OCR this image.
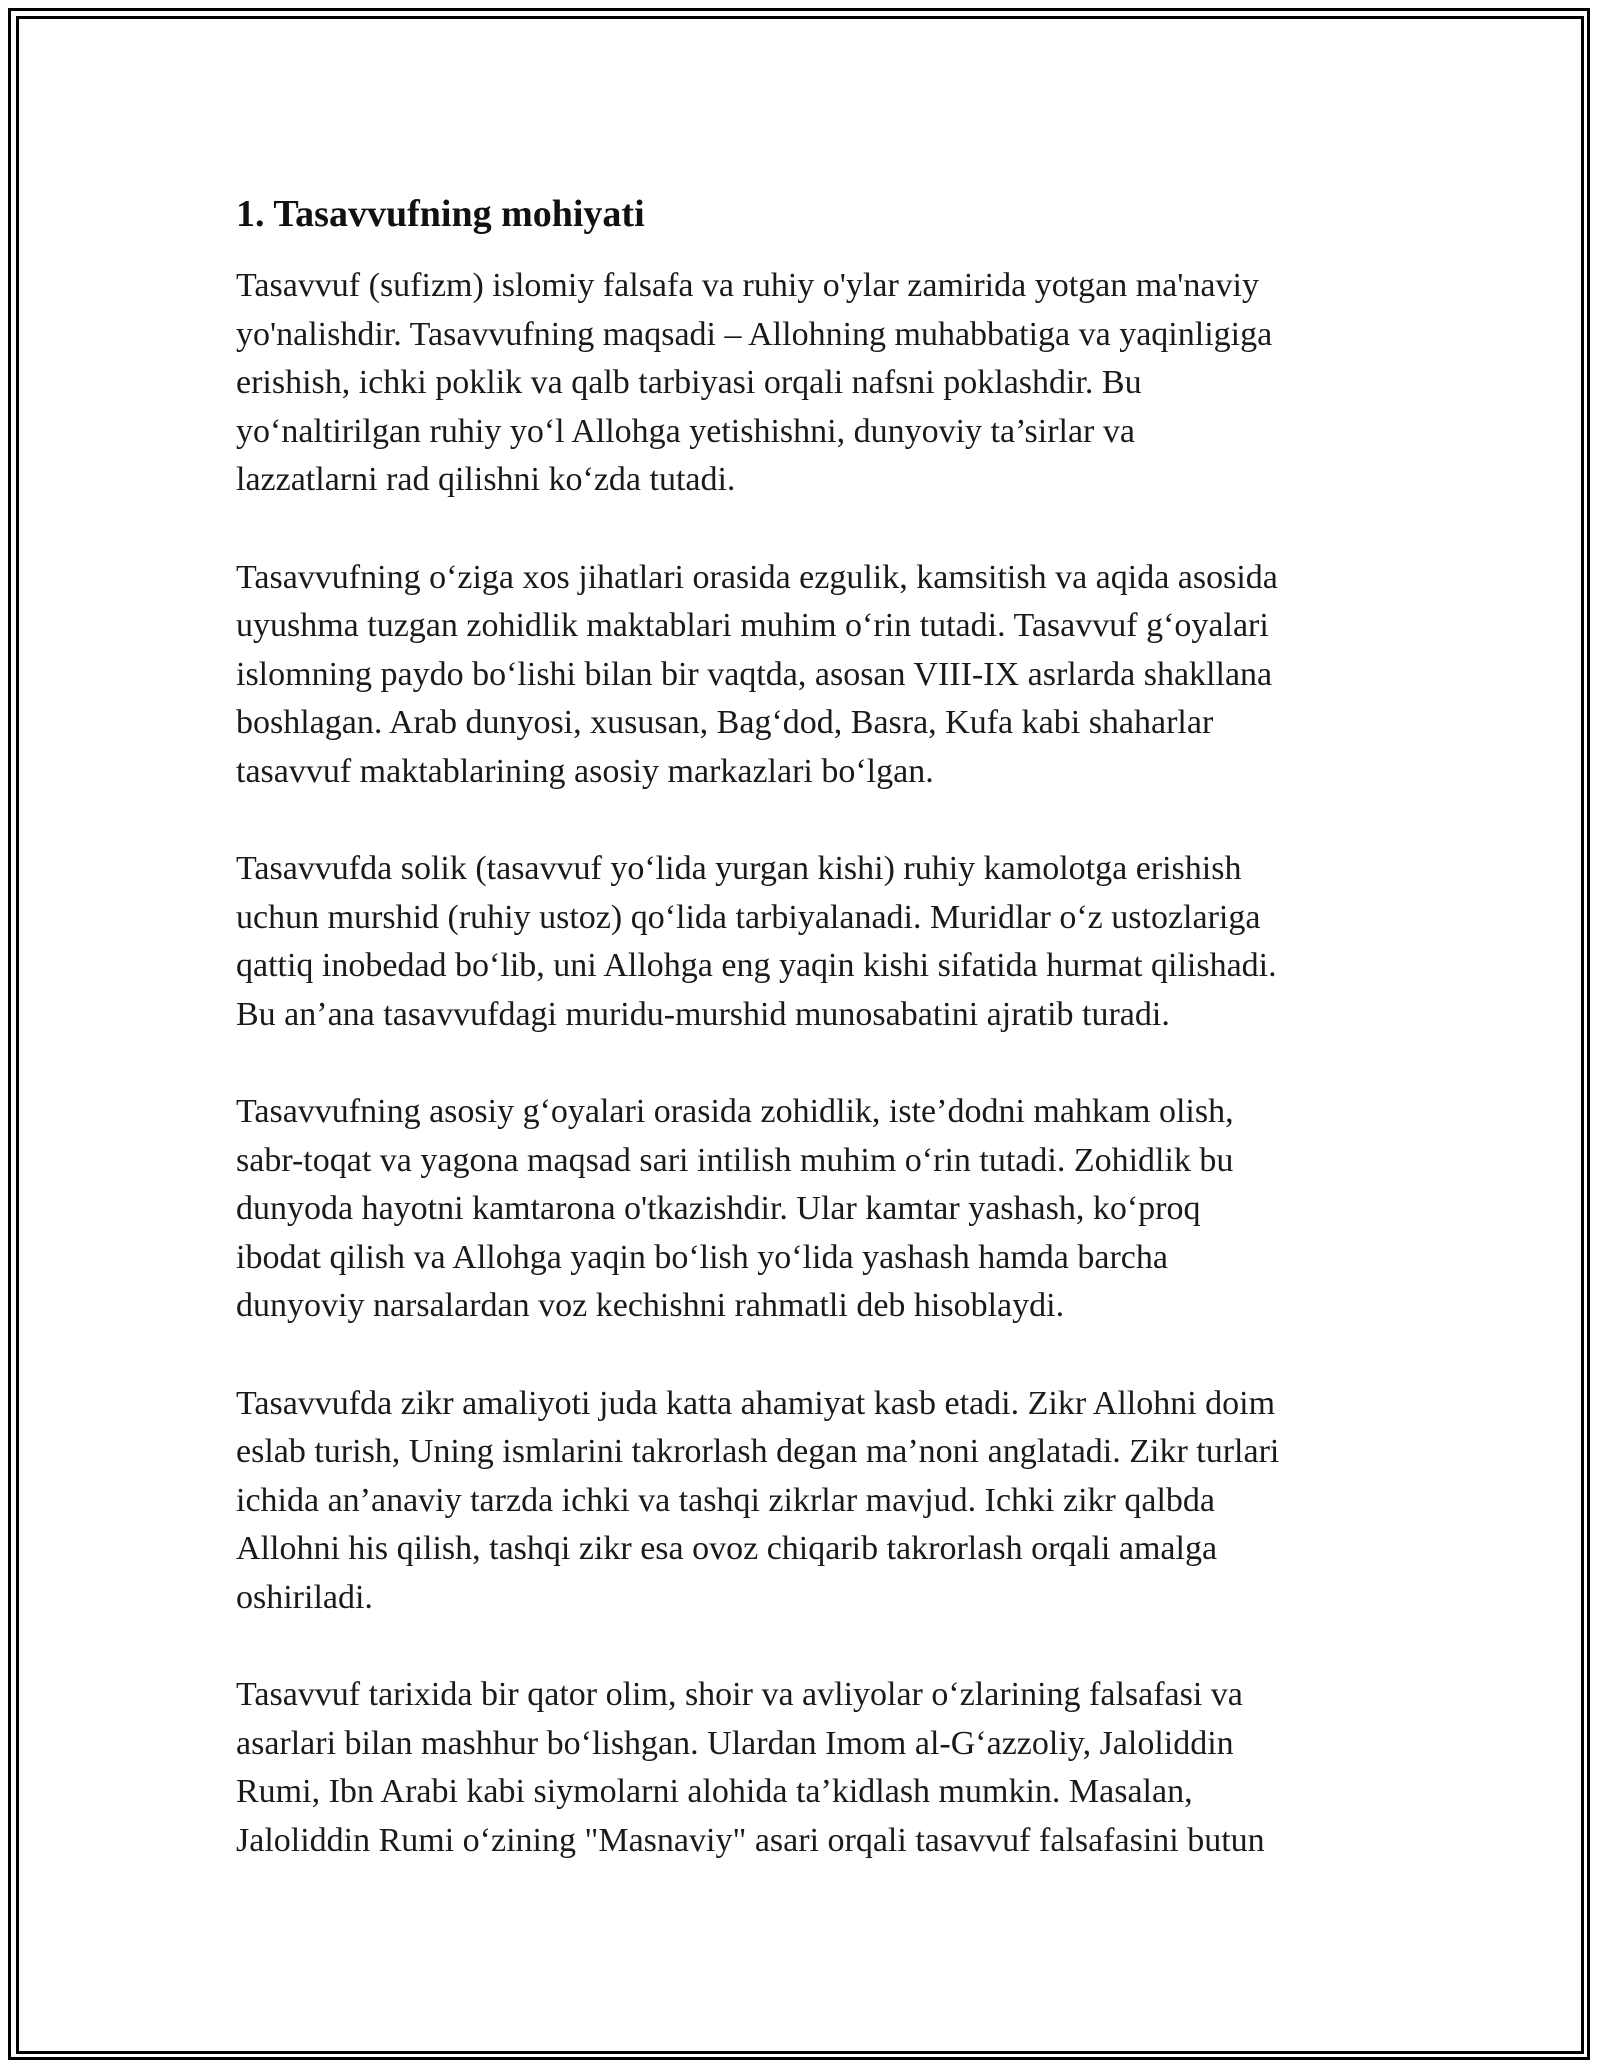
1. Tasavvufning mohiyati

Tasavvuf (sufizm) islomiy falsafa va ruhiy o'ylar zamirida yotgan ma'naviy
yo'nalishdir. Tasavvufning maqsadi – Allohning muhabbatiga va yaqinligiga
erishish, ichki poklik va qalb tarbiyasi orqali nafsni poklashdir. Bu
yo‘naltirilgan ruhiy yo‘l Allohga yetishishni, dunyoviy ta’sirlar va
lazzatlarni rad qilishni ko‘zda tutadi.

Tasavvufning o‘ziga xos jihatlari orasida ezgulik, kamsitish va aqida asosida
uyushma tuzgan zohidlik maktablari muhim o‘rin tutadi. Tasavvuf g‘oyalari
islomning paydo bo‘lishi bilan bir vaqtda, asosan VIII-IX asrlarda shakllana
boshlagan. Arab dunyosi, xususan, Bag‘dod, Basra, Kufa kabi shaharlar
tasavvuf maktablarining asosiy markazlari bo‘lgan.

Tasavvufda solik (tasavvuf yo‘lida yurgan kishi) ruhiy kamolotga erishish
uchun murshid (ruhiy ustoz) qo‘lida tarbiyalanadi. Muridlar o‘z ustozlariga
qattiq inobedad bo‘lib, uni Allohga eng yaqin kishi sifatida hurmat qilishadi.
Bu an’ana tasavvufdagi muridu-murshid munosabatini ajratib turadi.

Tasavvufning asosiy g‘oyalari orasida zohidlik, iste’dodni mahkam olish,
sabr-toqat va yagona maqsad sari intilish muhim o‘rin tutadi. Zohidlik bu
dunyoda hayotni kamtarona o'tkazishdir. Ular kamtar yashash, ko‘proq
ibodat qilish va Allohga yaqin bo‘lish yo‘lida yashash hamda barcha
dunyoviy narsalardan voz kechishni rahmatli deb hisoblaydi.

Tasavvufda zikr amaliyoti juda katta ahamiyat kasb etadi. Zikr Allohni doim
eslab turish, Uning ismlarini takrorlash degan ma’noni anglatadi. Zikr turlari
ichida an’anaviy tarzda ichki va tashqi zikrlar mavjud. Ichki zikr qalbda
Allohni his qilish, tashqi zikr esa ovoz chiqarib takrorlash orqali amalga
oshiriladi.

Tasavvuf tarixida bir qator olim, shoir va avliyolar o‘zlarining falsafasi va
asarlari bilan mashhur bo‘lishgan. Ulardan Imom al-G‘azzoliy, Jaloliddin
Rumi, Ibn Arabi kabi siymolarni alohida ta’kidlash mumkin. Masalan,
Jaloliddin Rumi o‘zining "Masnaviy" asari orqali tasavvuf falsafasini butun
